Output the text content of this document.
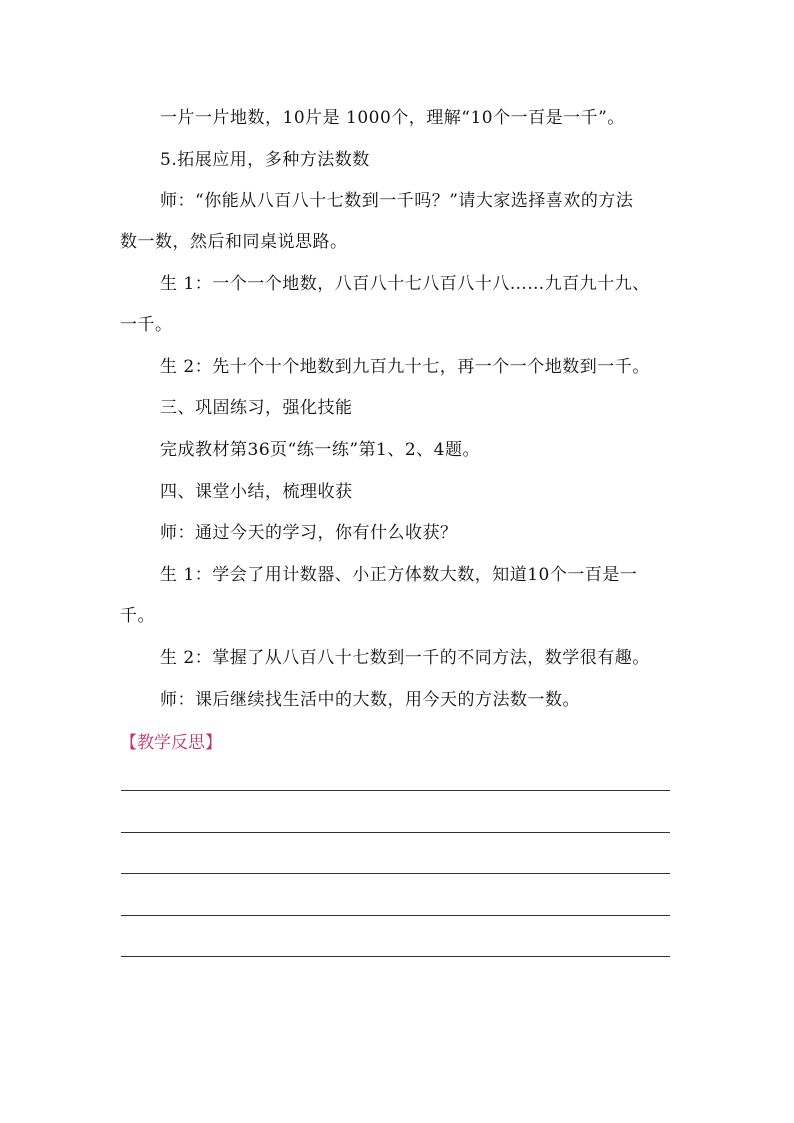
一片一片地数，10片是 1000个，理解“10个一百是一千”。
5.拓展应用，多种方法数数
师：“你能从八百八十七数到一千吗？”请大家选择喜欢的方法
数一数，然后和同桌说思路。
生 1：一个一个地数，八百八十七八百八十八……九百九十九、
一千。
生 2：先十个十个地数到九百九十七，再一个一个地数到一千。
三、巩固练习，强化技能
完成教材第36页“练一练”第1、2、4题。
四、课堂小结，梳理收获
师：通过今天的学习，你有什么收获？
生 1：学会了用计数器、小正方体数大数，知道10个一百是一
千。
生 2：掌握了从八百八十七数到一千的不同方法，数学很有趣。
师：课后继续找生活中的大数，用今天的方法数一数。
【教学反思】
